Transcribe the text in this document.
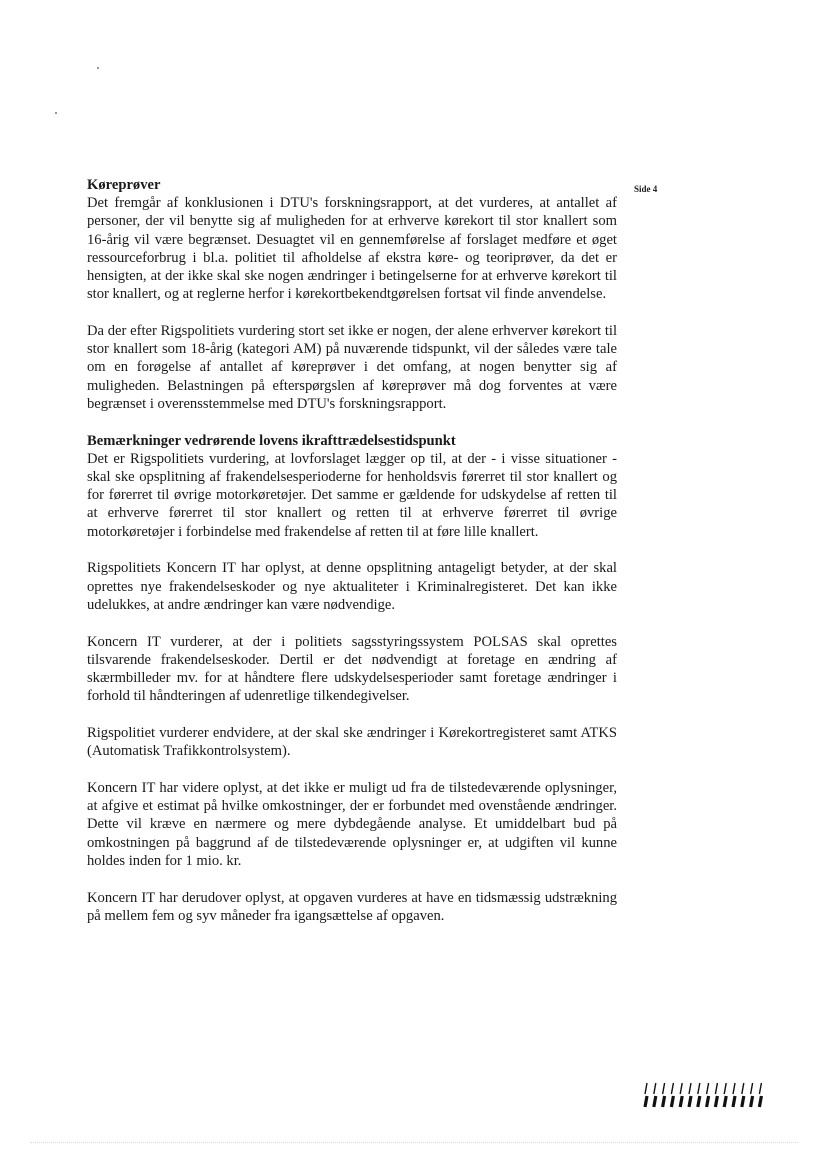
Side 4
Køreprøver

Det fremgår af konklusionen i DTU's forskningsrapport, at det vurderes, at antallet af personer, der vil benytte sig af muligheden for at erhverve kørekort til stor knallert som 16-årig vil være begrænset. Desuagtet vil en gennemførelse af forslaget medføre et øget ressourceforbrug i bl.a. politiet til afholdelse af ekstra køre- og teoriprøver, da det er hensigten, at der ikke skal ske nogen ændringer i betingelserne for at erhverve kørekort til stor knallert, og at reglerne herfor i kørekortbekendtgørelsen fortsat vil finde anvendelse.

Da der efter Rigspolitiets vurdering stort set ikke er nogen, der alene erhverver kørekort til stor knallert som 18-årig (kategori AM) på nuværende tidspunkt, vil der således være tale om en forøgelse af antallet af køreprøver i det omfang, at nogen benytter sig af muligheden. Belastningen på efterspørgslen af køreprøver må dog forventes at være begrænset i overensstemmelse med DTU's forskningsrapport.

Bemærkninger vedrørende lovens ikrafttrædelsestidspunkt

Det er Rigspolitiets vurdering, at lovforslaget lægger op til, at der - i visse situationer - skal ske opsplitning af frakendelsesperioderne for henholdsvis førerret til stor knallert og for førerret til øvrige motorkøretøjer. Det samme er gældende for udskydelse af retten til at erhverve førerret til stor knallert og retten til at erhverve førerret til øvrige motorkøretøjer i forbindelse med frakendelse af retten til at føre lille knallert.

Rigspolitiets Koncern IT har oplyst, at denne opsplitning antageligt betyder, at der skal oprettes nye frakendelseskoder og nye aktualiteter i Kriminalregisteret. Det kan ikke udelukkes, at andre ændringer kan være nødvendige.

Koncern IT vurderer, at der i politiets sagsstyringssystem POLSAS skal oprettes tilsvarende frakendelseskoder. Dertil er det nødvendigt at foretage en ændring af skærmbilleder mv. for at håndtere flere udskydelsesperioder samt foretage ændringer i forhold til håndteringen af udenretlige tilkendegivelser.

Rigspolitiet vurderer endvidere, at der skal ske ændringer i Kørekortregisteret samt ATKS (Automatisk Trafikkontrolsystem).

Koncern IT har videre oplyst, at det ikke er muligt ud fra de tilstedeværende oplysninger, at afgive et estimat på hvilke omkostninger, der er forbundet med ovenstående ændringer. Dette vil kræve en nærmere og mere dybdegående analyse. Et umiddelbart bud på omkostningen på baggrund af de tilstedeværende oplysninger er, at udgiften vil kunne holdes inden for 1 mio. kr.

Koncern IT har derudover oplyst, at opgaven vurderes at have en tidsmæssig udstrækning på mellem fem og syv måneder fra igangsættelse af opgaven.
